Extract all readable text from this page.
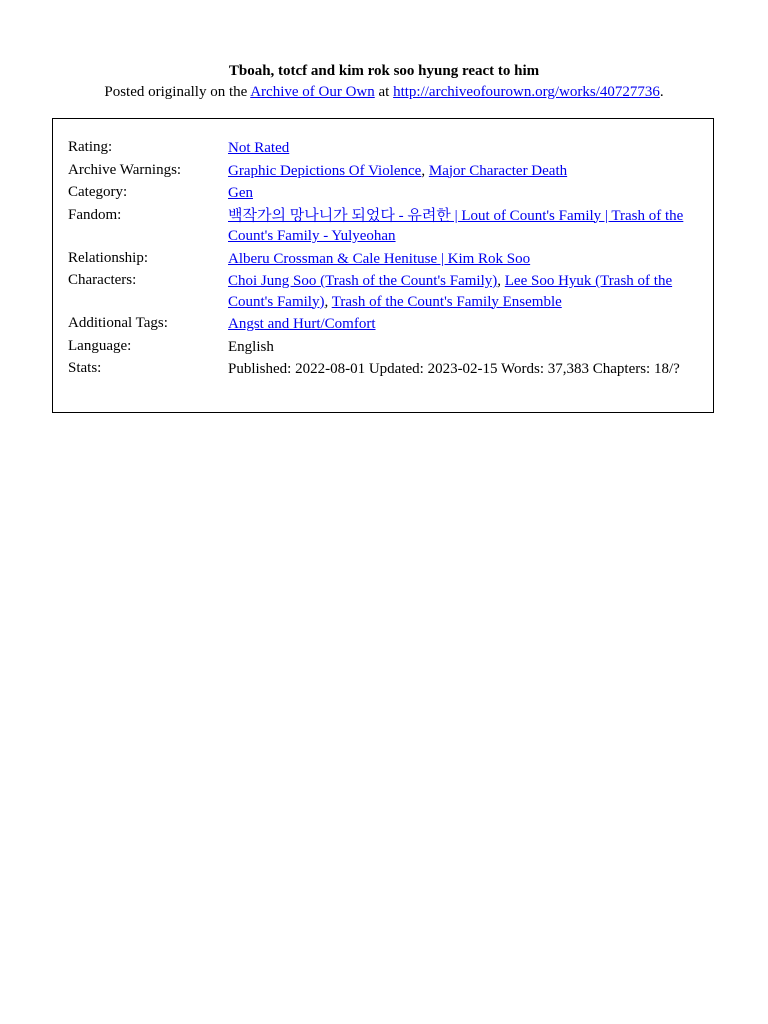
Tboah, totcf and kim rok soo hyung react to him
Posted originally on the Archive of Our Own at http://archiveofourown.org/works/40727736.
Rating:	Not Rated
Archive Warnings:	Graphic Depictions Of Violence, Major Character Death
Category:	Gen
Fandom:	백작가의 망나니가 되었다 - 유려한 | Lout of Count's Family | Trash of the Count's Family - Yulyeohan
Relationship:	Alberu Crossman & Cale Henituse | Kim Rok Soo
Characters:	Choi Jung Soo (Trash of the Count's Family), Lee Soo Hyuk (Trash of the Count's Family), Trash of the Count's Family Ensemble
Additional Tags:	Angst and Hurt/Comfort
Language:	English
Stats:	Published: 2022-08-01 Updated: 2023-02-15 Words: 37,383 Chapters: 18/?
